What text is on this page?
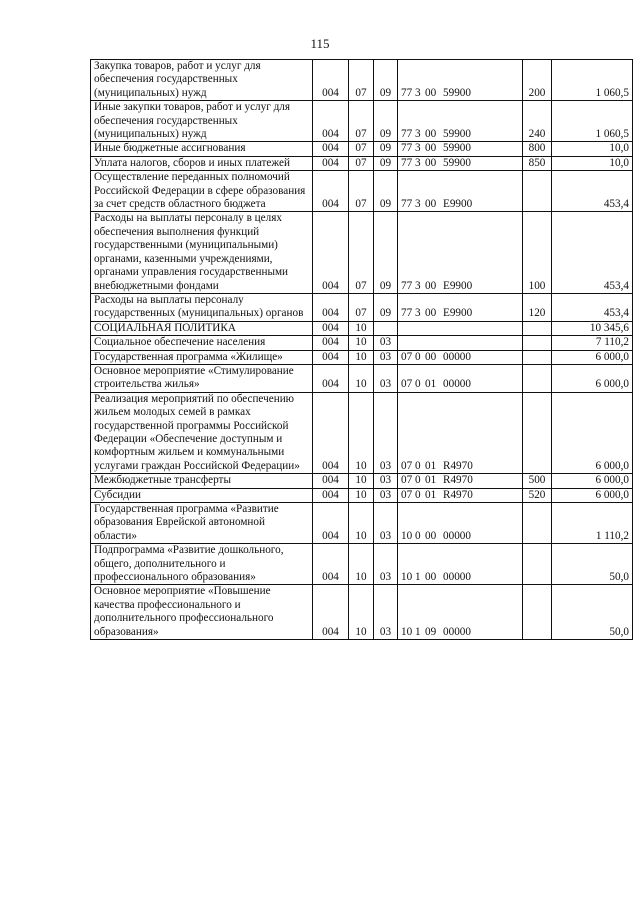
115
Закупка товаров, работ и услуг для обеспечения государственных (муниципальных) нужд	004	07	09	77 3 00 59900	200	1 060,5
Иные закупки товаров, работ и услуг для обеспечения государственных (муниципальных) нужд	004	07	09	77 3 00 59900	240	1 060,5
Иные бюджетные ассигнования	004	07	09	77 3 00 59900	800	10,0
Уплата налогов, сборов и иных платежей	004	07	09	77 3 00 59900	850	10,0
Осуществление переданных полномочий Российской Федерации в сфере образования за счет средств областного бюджета	004	07	09	77 3 00 Е9900		453,4
Расходы на выплаты персоналу в целях обеспечения выполнения функций государственными (муниципальными) органами, казенными учреждениями, органами управления государственными внебюджетными фондами	004	07	09	77 3 00 Е9900	100	453,4
Расходы на выплаты персоналу государственных (муниципальных) органов	004	07	09	77 3 00 Е9900	120	453,4
СОЦИАЛЬНАЯ ПОЛИТИКА	004	10				10 345,6
Социальное обеспечение населения	004	10	03			7 110,2
Государственная программа «Жилище»	004	10	03	07 0 00 00000		6 000,0
Основное мероприятие «Стимулирование строительства жилья»	004	10	03	07 0 01 00000		6 000,0
Реализация мероприятий по обеспечению жильем молодых семей в рамках государственной программы Российской Федерации «Обеспечение доступным и комфортным жильем и коммунальными услугами граждан Российской Федерации»	004	10	03	07 0 01 R4970		6 000,0
Межбюджетные трансферты	004	10	03	07 0 01 R4970	500	6 000,0
Субсидии	004	10	03	07 0 01 R4970	520	6 000,0
Государственная программа «Развитие образования Еврейской автономной области»	004	10	03	10 0 00 00000		1 110,2
Подпрограмма «Развитие дошкольного, общего, дополнительного и профессионального образования»	004	10	03	10 1 00 00000		50,0
Основное мероприятие «Повышение качества профессионального и дополнительного профессионального образования»	004	10	03	10 1 09 00000		50,0
